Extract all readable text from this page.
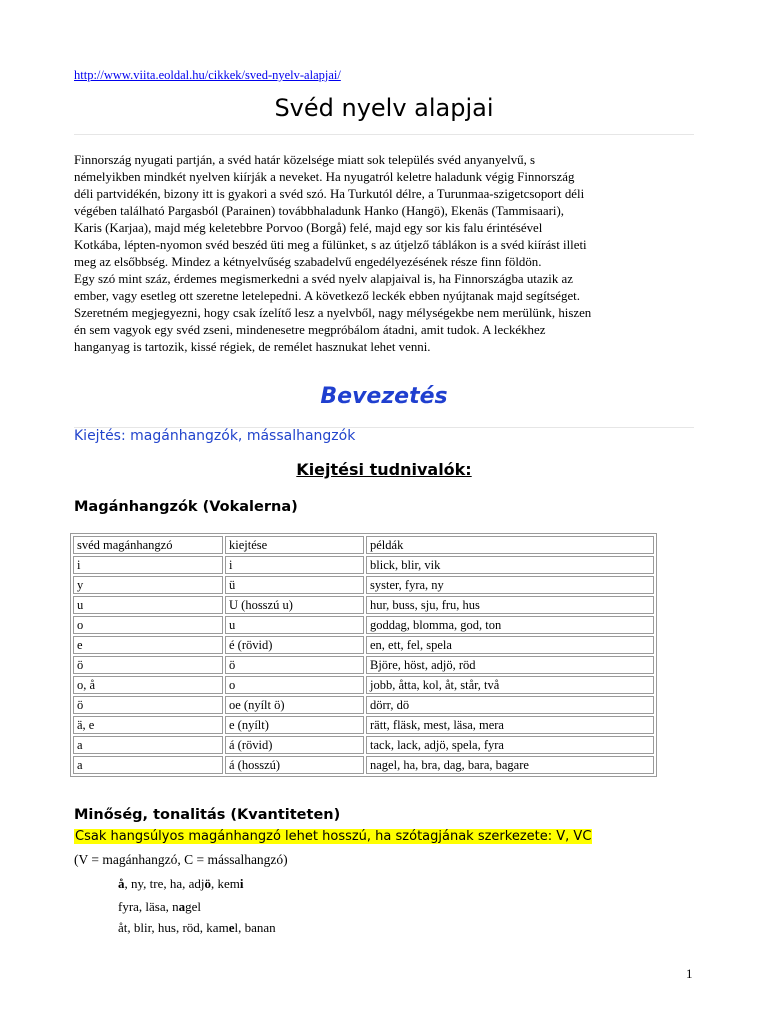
http://www.viita.eoldal.hu/cikkek/sved-nyelv-alapjai/
Svéd nyelv alapjai
Finnország nyugati partján, a svéd határ közelsége miatt sok település svéd anyanyelvű, s
némelyikben mindkét nyelven kiírják a neveket. Ha nyugatról keletre haladunk végig Finnország
déli partvidékén, bizony itt is gyakori a svéd szó. Ha Turkutól délre, a Turunmaa-szigetcsoport déli
végében található Pargasból (Parainen) továbbhaladunk Hanko (Hangö), Ekenäs (Tammisaari),
Karis (Karjaa), majd még keletebbre Porvoo (Borgå) felé, majd egy sor kis falu érintésével
Kotkába, lépten-nyomon svéd beszéd üti meg a fülünket, s az útjelző táblákon is a svéd kiírást illeti
meg az elsőbbség. Mindez a kétnyelvűség szabadelvű engedélyezésének része finn földön.
Egy szó mint száz, érdemes megismerkedni a svéd nyelv alapjaival is, ha Finnországba utazik az
ember, vagy esetleg ott szeretne letelepedni. A következő leckék ebben nyújtanak majd segítséget.
Szeretném megjegyezni, hogy csak ízelítő lesz a nyelvből, nagy mélységekbe nem merülünk, hiszen
én sem vagyok egy svéd zseni, mindenesetre megpróbálom átadni, amit tudok. A leckékhez
hanganyag is tartozik, kissé régiek, de remélet hasznukat lehet venni.
Bevezetés
Kiejtés: magánhangzók, mássalhangzók
Kiejtési tudnivalók:
Magánhangzók (Vokalerna)
svéd magánhangzó	kiejtése	példák
i	i	blick, blir, vik
y	ü	syster, fyra, ny
u	U (hosszú u)	hur, buss, sju, fru, hus
o	u	goddag, blomma, god, ton
e	é (rövid)	en, ett, fel, spela
ö	ö	Björe, höst, adjö, röd
o, å	o	jobb, åtta, kol, åt, står, två
ö	oe (nyílt ö)	dörr, dö
ä, e	e (nyílt)	rätt, fläsk, mest, läsa, mera
a	á (rövid)	tack, lack, adjö, spela, fyra
a	á (hosszú)	nagel, ha, bra, dag, bara, bagare
Minőség, tonalitás (Kvantiteten)
Csak hangsúlyos magánhangzó lehet hosszú, ha szótagjának szerkezete: V, VC
(V = magánhangzó, C = mássalhangzó)
å, ny, tre, ha, adjö, kemi
fyra, läsa, nagel
åt, blir, hus, röd, kamel, banan
1
